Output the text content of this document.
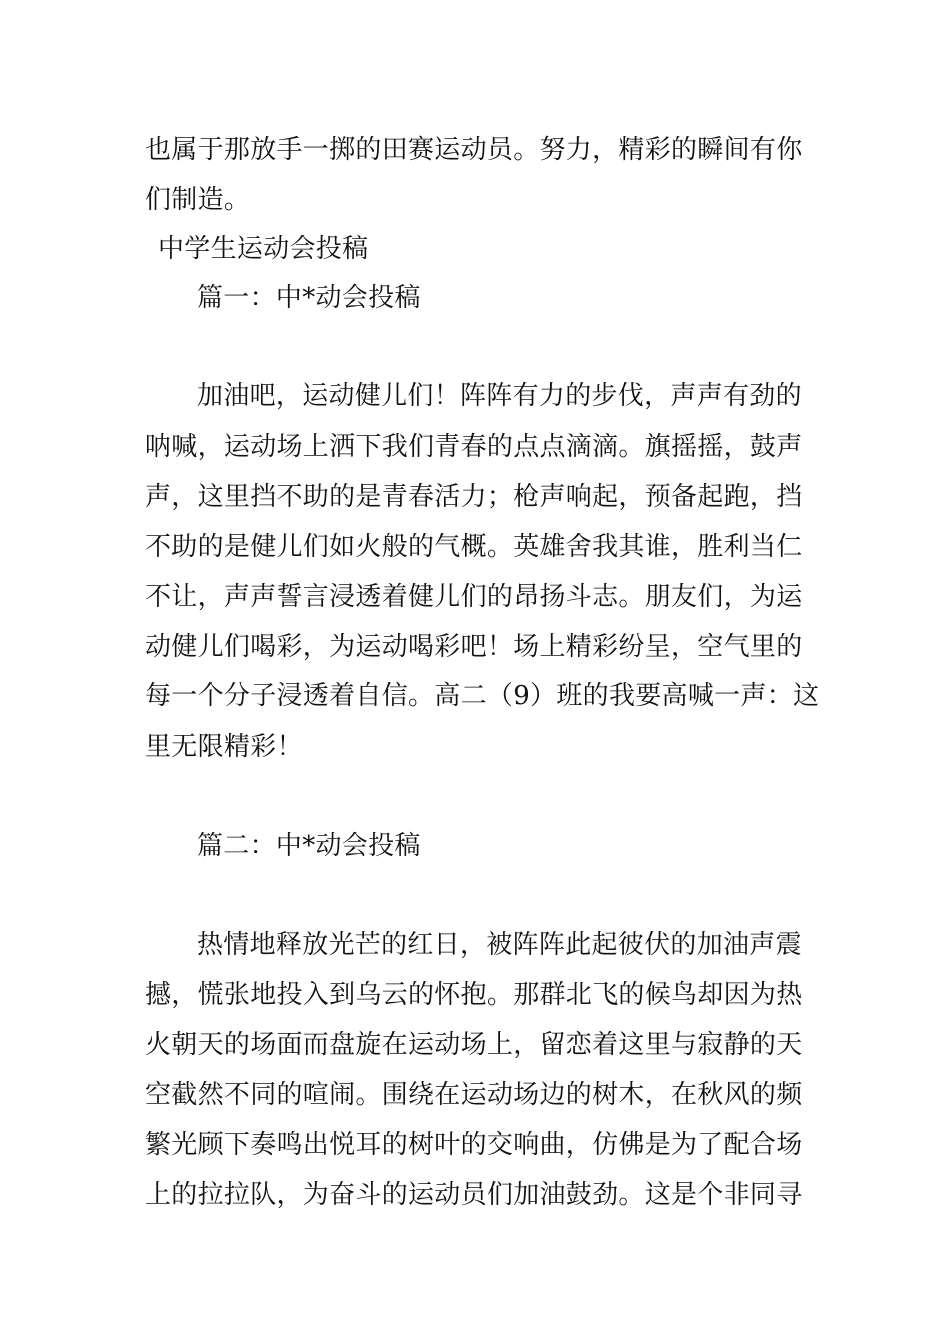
也属于那放手一掷的田赛运动员。努力，精彩的瞬间有你
们制造。
中学生运动会投稿
篇一：中*动会投稿
加油吧，运动健儿们！阵阵有力的步伐，声声有劲的
呐喊，运动场上洒下我们青春的点点滴滴。旗摇摇，鼓声
声，这里挡不助的是青春活力；枪声响起，预备起跑，挡
不助的是健儿们如火般的气概。英雄舍我其谁，胜利当仁
不让，声声誓言浸透着健儿们的昂扬斗志。朋友们，为运
动健儿们喝彩，为运动喝彩吧！场上精彩纷呈，空气里的
每一个分子浸透着自信。高二（9）班的我要高喊一声：这
里无限精彩！
篇二：中*动会投稿
热情地释放光芒的红日，被阵阵此起彼伏的加油声震
撼，慌张地投入到乌云的怀抱。那群北飞的候鸟却因为热
火朝天的场面而盘旋在运动场上，留恋着这里与寂静的天
空截然不同的喧闹。围绕在运动场边的树木，在秋风的频
繁光顾下奏鸣出悦耳的树叶的交响曲，仿佛是为了配合场
上的拉拉队，为奋斗的运动员们加油鼓劲。这是个非同寻
